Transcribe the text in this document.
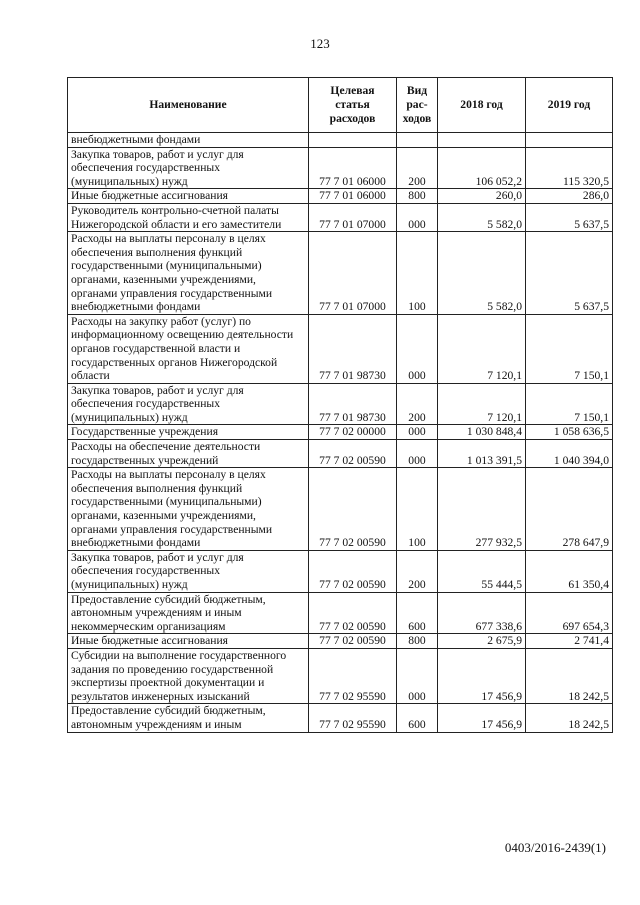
123
Наименование	Целевая статья расходов	Вид рас-ходов	2018 год	2019 год
внебюджетными фондами				
Закупка товаров, работ и услуг для обеспечения государственных (муниципальных) нужд	77 7 01 06000	200	106 052,2	115 320,5
Иные бюджетные ассигнования	77 7 01 06000	800	260,0	286,0
Руководитель контрольно-счетной палаты Нижегородской области и его заместители	77 7 01 07000	000	5 582,0	5 637,5
Расходы на выплаты персоналу в целях обеспечения выполнения функций государственными (муниципальными) органами, казенными учреждениями, органами управления государственными внебюджетными фондами	77 7 01 07000	100	5 582,0	5 637,5
Расходы на закупку работ (услуг) по информационному освещению деятельности органов государственной власти и государственных органов Нижегородской области	77 7 01 98730	000	7 120,1	7 150,1
Закупка товаров, работ и услуг для обеспечения государственных (муниципальных) нужд	77 7 01 98730	200	7 120,1	7 150,1
Государственные учреждения	77 7 02 00000	000	1 030 848,4	1 058 636,5
Расходы на обеспечение деятельности государственных учреждений	77 7 02 00590	000	1 013 391,5	1 040 394,0
Расходы на выплаты персоналу в целях обеспечения выполнения функций государственными (муниципальными) органами, казенными учреждениями, органами управления государственными внебюджетными фондами	77 7 02 00590	100	277 932,5	278 647,9
Закупка товаров, работ и услуг для обеспечения государственных (муниципальных) нужд	77 7 02 00590	200	55 444,5	61 350,4
Предоставление субсидий бюджетным, автономным учреждениям и иным некоммерческим организациям	77 7 02 00590	600	677 338,6	697 654,3
Иные бюджетные ассигнования	77 7 02 00590	800	2 675,9	2 741,4
Субсидии на выполнение государственного задания по проведению государственной экспертизы проектной документации и результатов инженерных изысканий	77 7 02 95590	000	17 456,9	18 242,5
Предоставление субсидий бюджетным, автономным учреждениям и иным	77 7 02 95590	600	17 456,9	18 242,5
0403/2016-2439(1)
